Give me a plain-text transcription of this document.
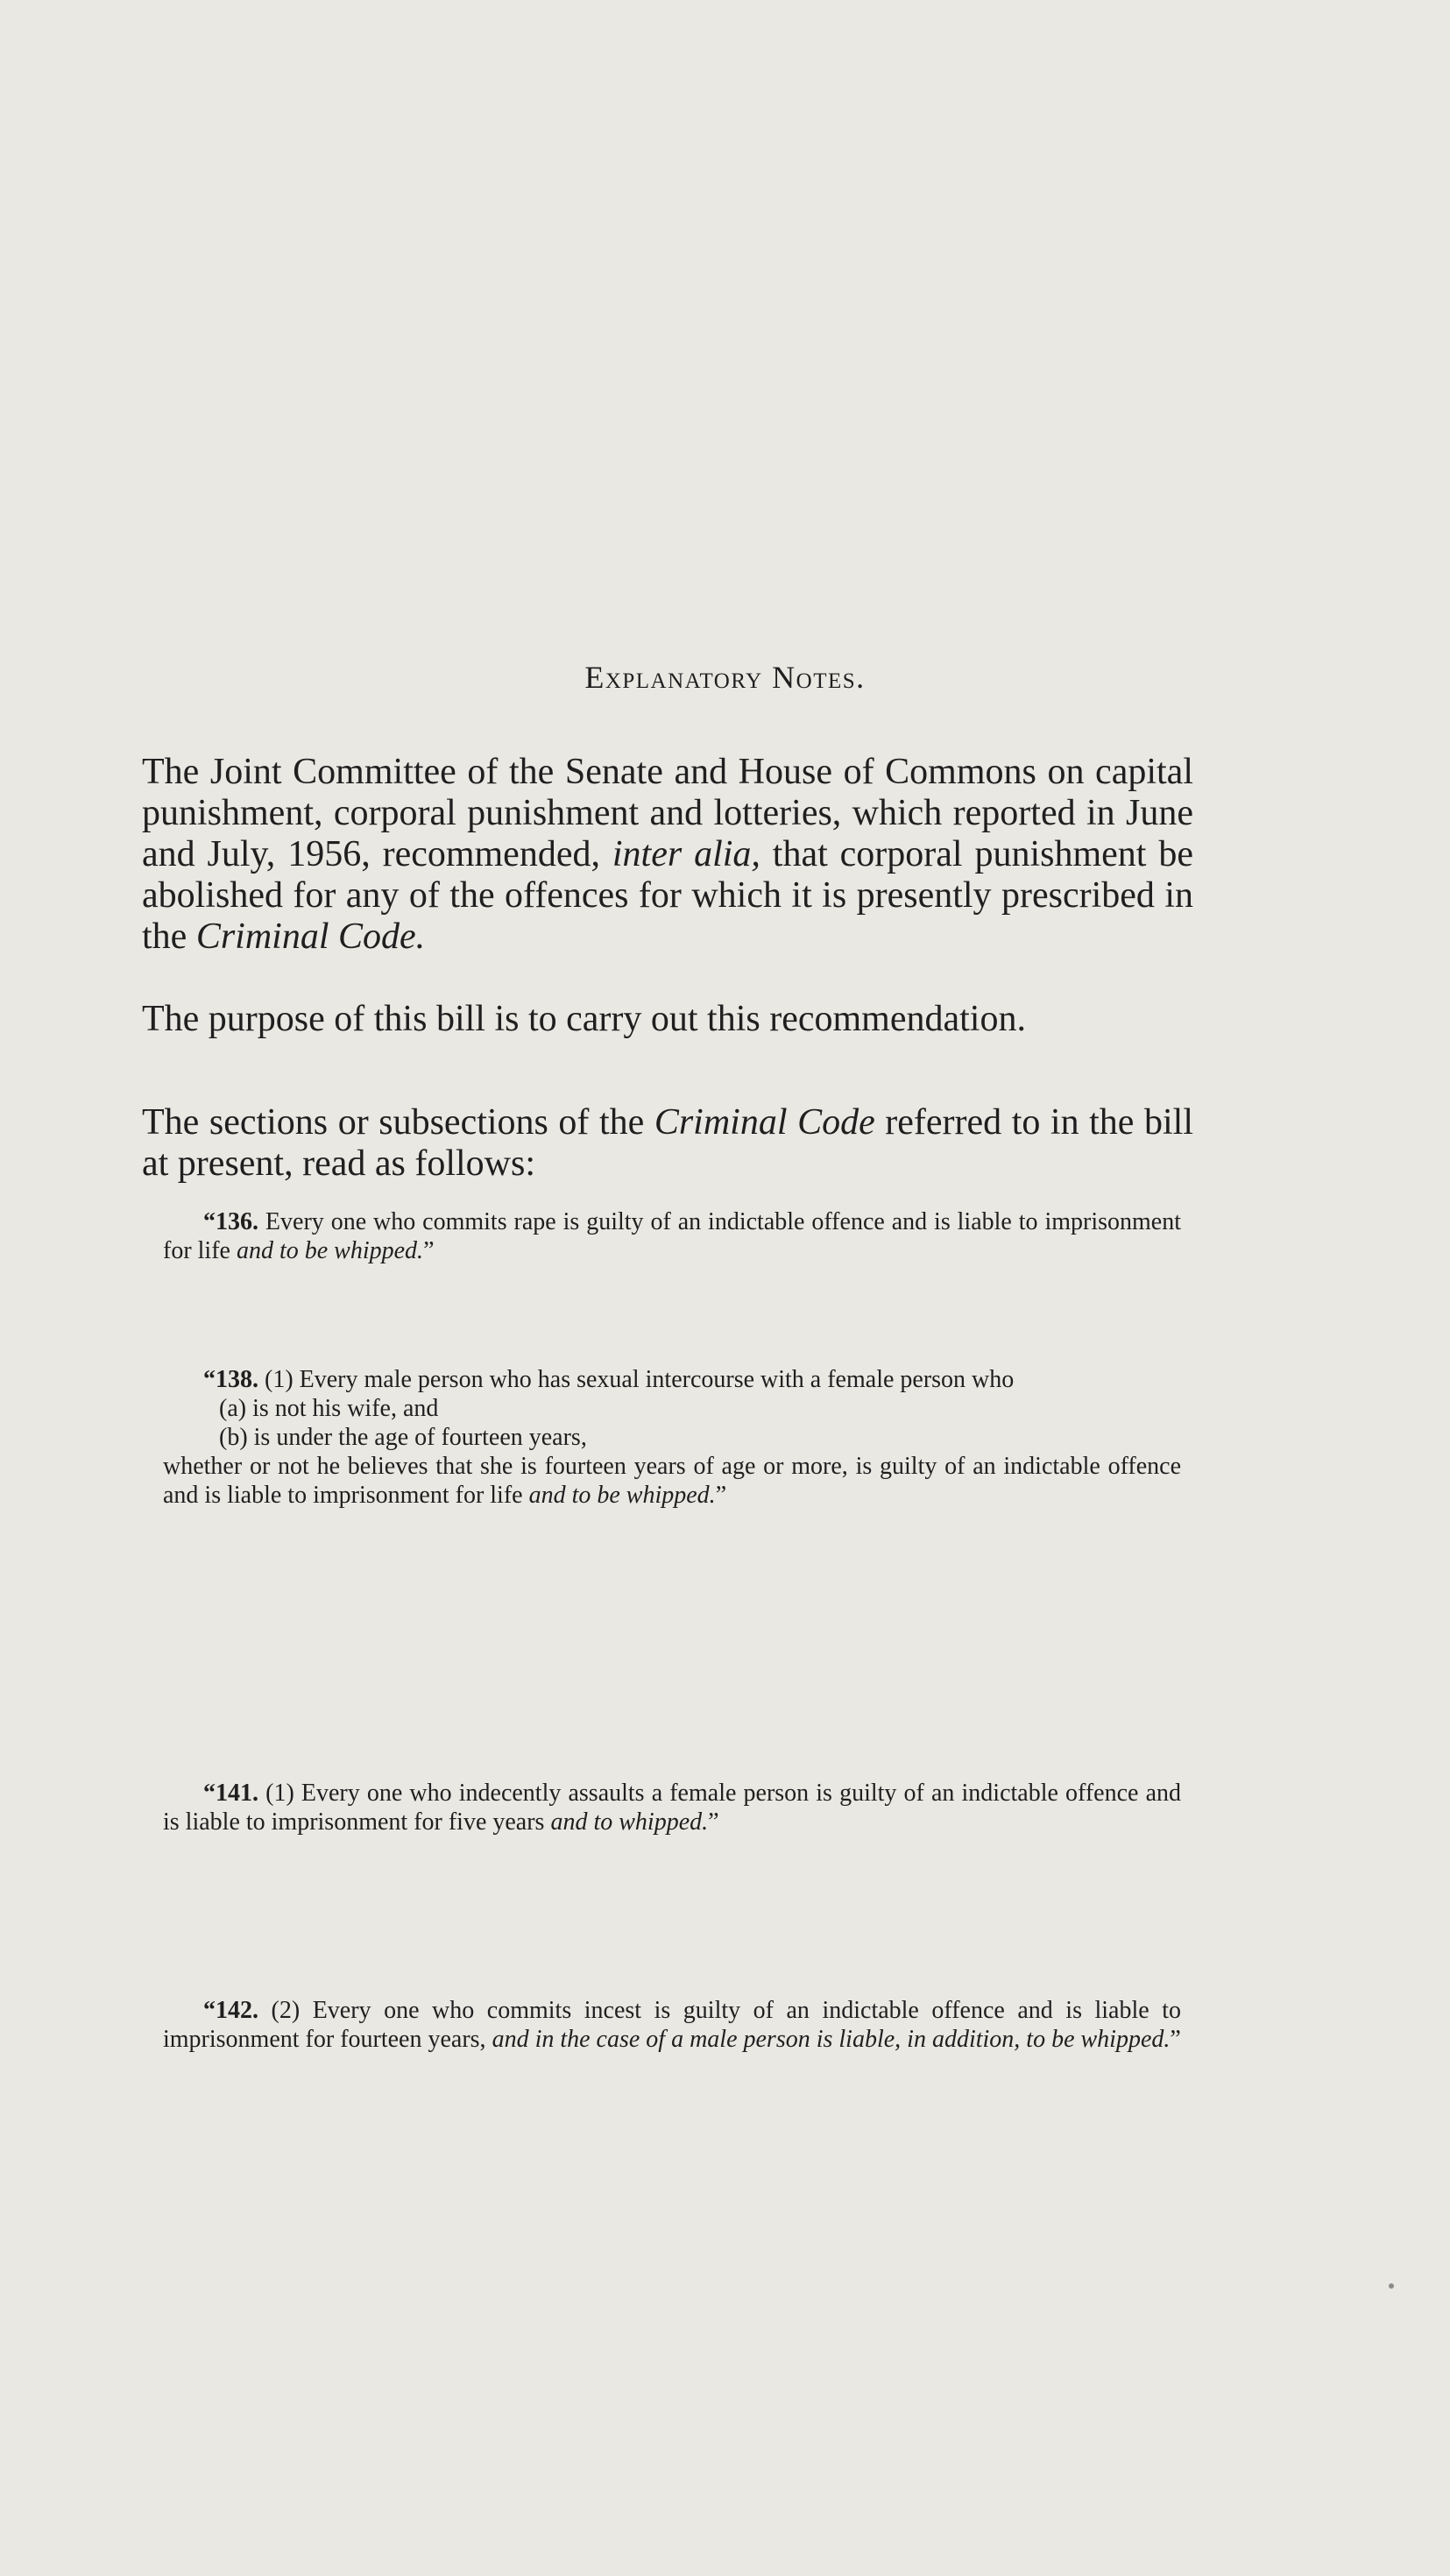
Explanatory Notes.

The Joint Committee of the Senate and House of Commons on capital punishment, corporal punishment and lotteries, which reported in June and July, 1956, recommended, inter alia, that corporal punishment be abolished for any of the offences for which it is presently prescribed in the Criminal Code.

The purpose of this bill is to carry out this recommendation.

The sections or subsections of the Criminal Code referred to in the bill at present, read as follows:

“136. Every one who commits rape is guilty of an indictable offence and is liable to imprisonment for life and to be whipped.”
“138. (1) Every male person who has sexual intercourse with a female person who
(a) is not his wife, and
(b) is under the age of fourteen years,
whether or not he believes that she is fourteen years of age or more, is guilty of an indictable offence and is liable to imprisonment for life and to be whipped.”
“141. (1) Every one who indecently assaults a female person is guilty of an indictable offence and is liable to imprisonment for five years and to whipped.”
“142. (2) Every one who commits incest is guilty of an indictable offence and is liable to imprisonment for fourteen years, and in the case of a male person is liable, in addition, to be whipped.”
